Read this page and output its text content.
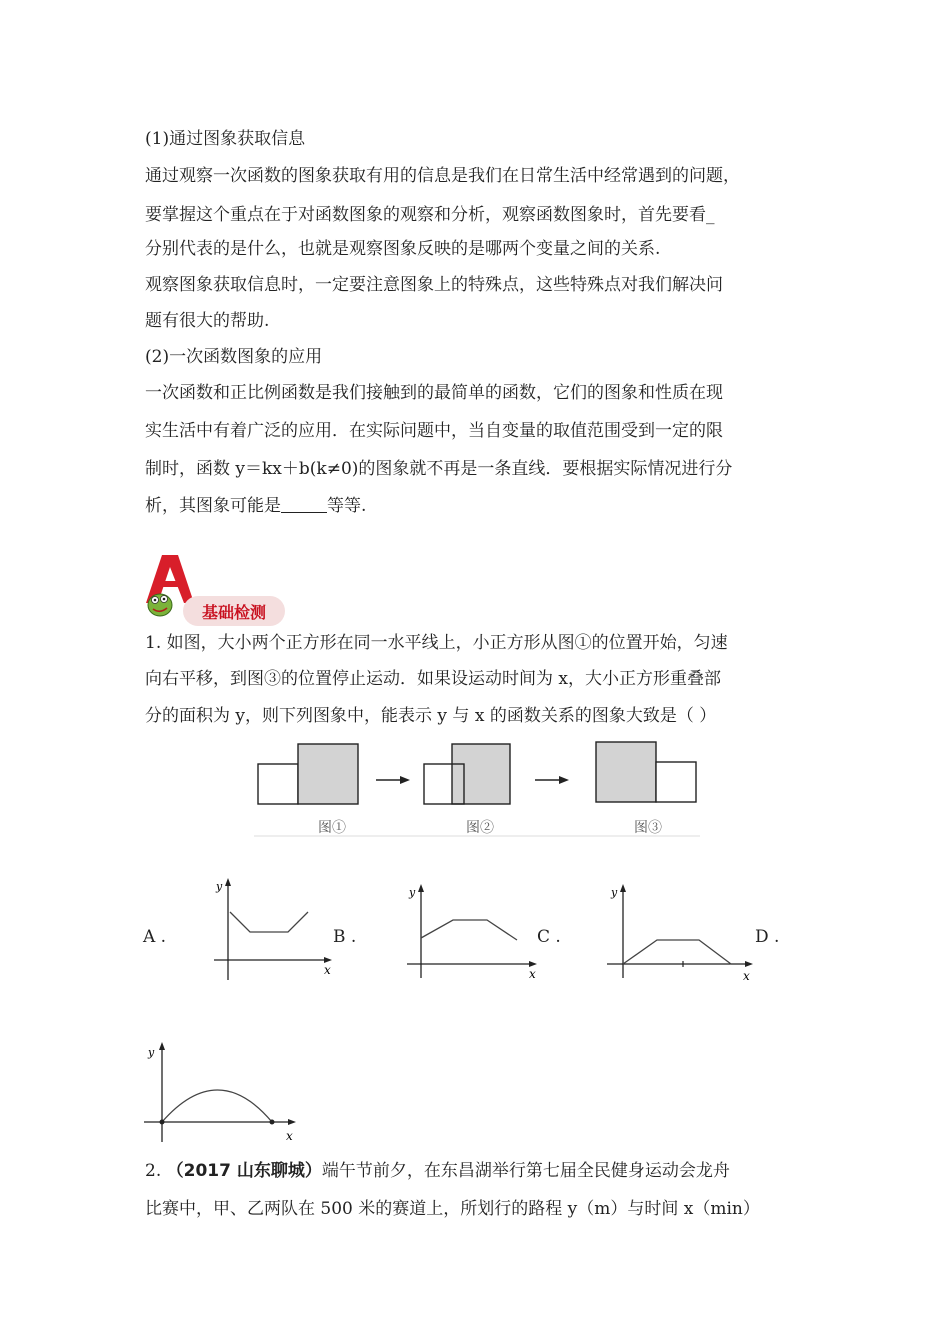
(1)通过图象获取信息

通过观察一次函数的图象获取有用的信息是我们在日常生活中经常遇到的问题，

要掌握这个重点在于对函数图象的观察和分析，观察函数图象时，首先要看_

分别代表的是什么，也就是观察图象反映的是哪两个变量之间的关系.

观察图象获取信息时，一定要注意图象上的特殊点，这些特殊点对我们解决问

题有很大的帮助.

(2)一次函数图象的应用

一次函数和正比例函数是我们接触到的最简单的函数，它们的图象和性质在现

实生活中有着广泛的应用．在实际问题中，当自变量的取值范围受到一定的限

制时，函数 y＝kx＋b(k≠0)的图象就不再是一条直线．要根据实际情况进行分

析，其图象可能是	等等.

基础检测

1. 如图，大小两个正方形在同一水平线上，小正方形从图①的位置开始，匀速

向右平移，到图③的位置停止运动．如果设运动时间为 x，大小正方形重叠部

分的面积为 y，则下列图象中，能表示 y 与 x 的函数关系的图象大致是（ ）

图①	图②	图③
A .	B .	C .	D .
y
x
y
x
y
x
y
x

2. （2017 山东聊城）端午节前夕，在东昌湖举行第七届全民健身运动会龙舟

比赛中，甲、乙两队在 500 米的赛道上，所划行的路程 y（m）与时间 x（min）
